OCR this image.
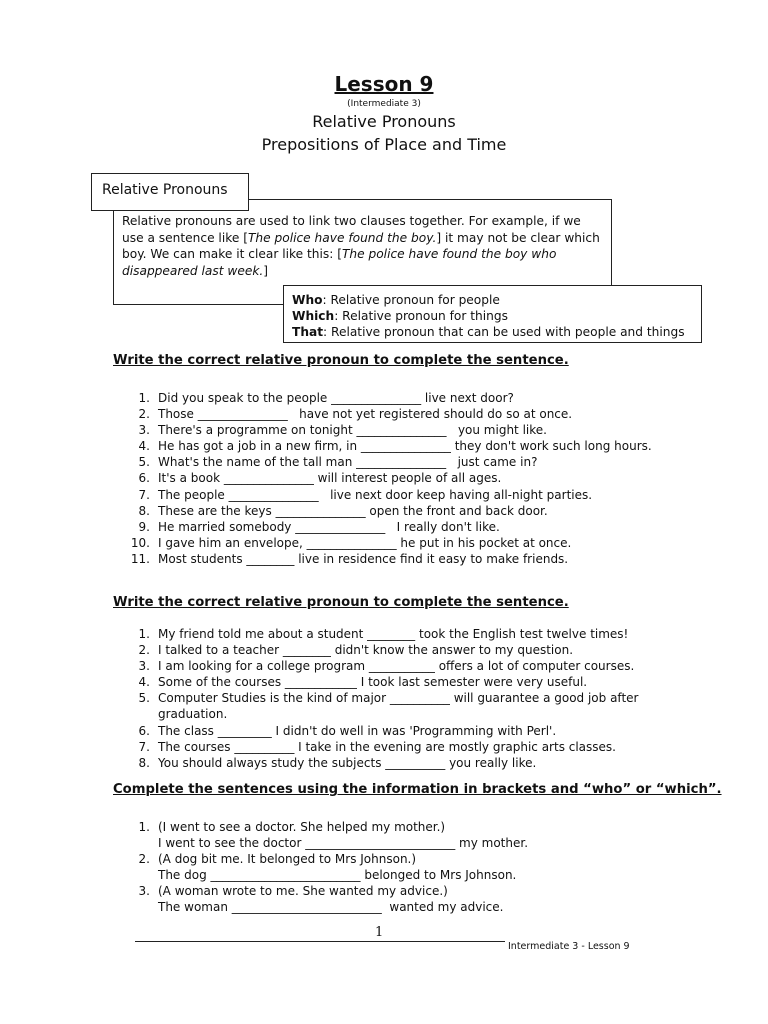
Lesson 9
(Intermediate 3)
Relative Pronouns
Prepositions of Place and Time
Relative Pronouns
Relative pronouns are used to link two clauses together. For example, if we use a sentence like [The police have found the boy.] it may not be clear which boy. We can make it clear like this: [The police have found the boy who disappeared last week.]
Who: Relative pronoun for people
Which: Relative pronoun for things
That: Relative pronoun that can be used with people and things
Write the correct relative pronoun to complete the sentence.
1. Did you speak to the people _______________ live next door?
2. Those _______________   have not yet registered should do so at once.
3. There's a programme on tonight _______________   you might like.
4. He has got a job in a new firm, in _______________ they don't work such long hours.
5. What's the name of the tall man _______________   just came in?
6. It's a book _______________ will interest people of all ages.
7. The people _______________   live next door keep having all-night parties.
8. These are the keys _______________ open the front and back door.
9. He married somebody _______________   I really don't like.
10. I gave him an envelope, _______________ he put in his pocket at once.
11. Most students ________ live in residence find it easy to make friends.
Write the correct relative pronoun to complete the sentence.
1. My friend told me about a student ________ took the English test twelve times!
2. I talked to a teacher ________ didn't know the answer to my question.
3. I am looking for a college program ___________ offers a lot of computer courses.
4. Some of the courses ____________ I took last semester were very useful.
5. Computer Studies is the kind of major __________ will guarantee a good job after graduation.
6. The class _________ I didn't do well in was 'Programming with Perl'.
7. The courses __________ I take in the evening are mostly graphic arts classes.
8. You should always study the subjects __________ you really like.
Complete the sentences using the information in brackets and “who” or “which”.
1. (I went to see a doctor. She helped my mother.)
I went to see the doctor _________________________ my mother.
2. (A dog bit me. It belonged to Mrs Johnson.)
The dog _________________________ belonged to Mrs Johnson.
3. (A woman wrote to me. She wanted my advice.)
The woman _________________________  wanted my advice.
1
Intermediate 3 - Lesson 9
